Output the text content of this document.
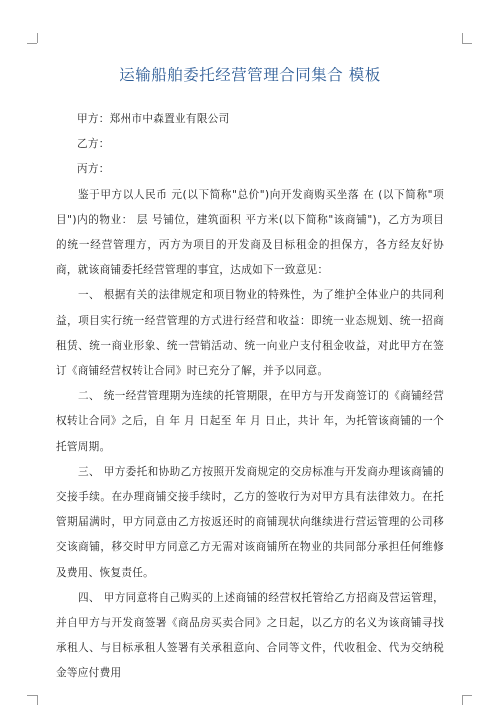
运输船舶委托经营管理合同集合 模板

甲方：郑州市中森置业有限公司

乙方：

丙方：

鉴于甲方以人民币 元(以下简称"总价")向开发商购买坐落 在 (以下简称"项目")内的物业： 层 号铺位，建筑面积 平方米(以下简称"该商铺")，乙方为项目的统一经营管理方，丙方为项目的开发商及目标租金的担保方，各方经友好协商，就该商铺委托经营管理的事宜，达成如下一致意见：

一、 根据有关的法律规定和项目物业的特殊性，为了维护全体业户的共同利益，项目实行统一经营管理的方式进行经营和收益：即统一业态规划、统一招商租赁、统一商业形象、统一营销活动、统一向业户支付租金收益，对此甲方在签订《商铺经营权转让合同》时已充分了解，并予以同意。

二、 统一经营管理期为连续的托管期限，在甲方与开发商签订的《商铺经营权转让合同》之后，自 年 月 日起至 年 月 日止，共计 年，为托管该商铺的一个托管周期。

三、 甲方委托和协助乙方按照开发商规定的交房标准与开发商办理该商铺的交接手续。在办理商铺交接手续时，乙方的签收行为对甲方具有法律效力。在托管期届满时，甲方同意由乙方按返还时的商铺现状向继续进行营运管理的公司移交该商铺，移交时甲方同意乙方无需对该商铺所在物业的共同部分承担任何维修及费用、恢复责任。

四、 甲方同意将自己购买的上述商铺的经营权托管给乙方招商及营运管理，并自甲方与开发商签署《商品房买卖合同》之日起，以乙方的名义为该商铺寻找承租人、与目标承租人签署有关承租意向、合同等文件，代收租金、代为交纳税金等应付费用
